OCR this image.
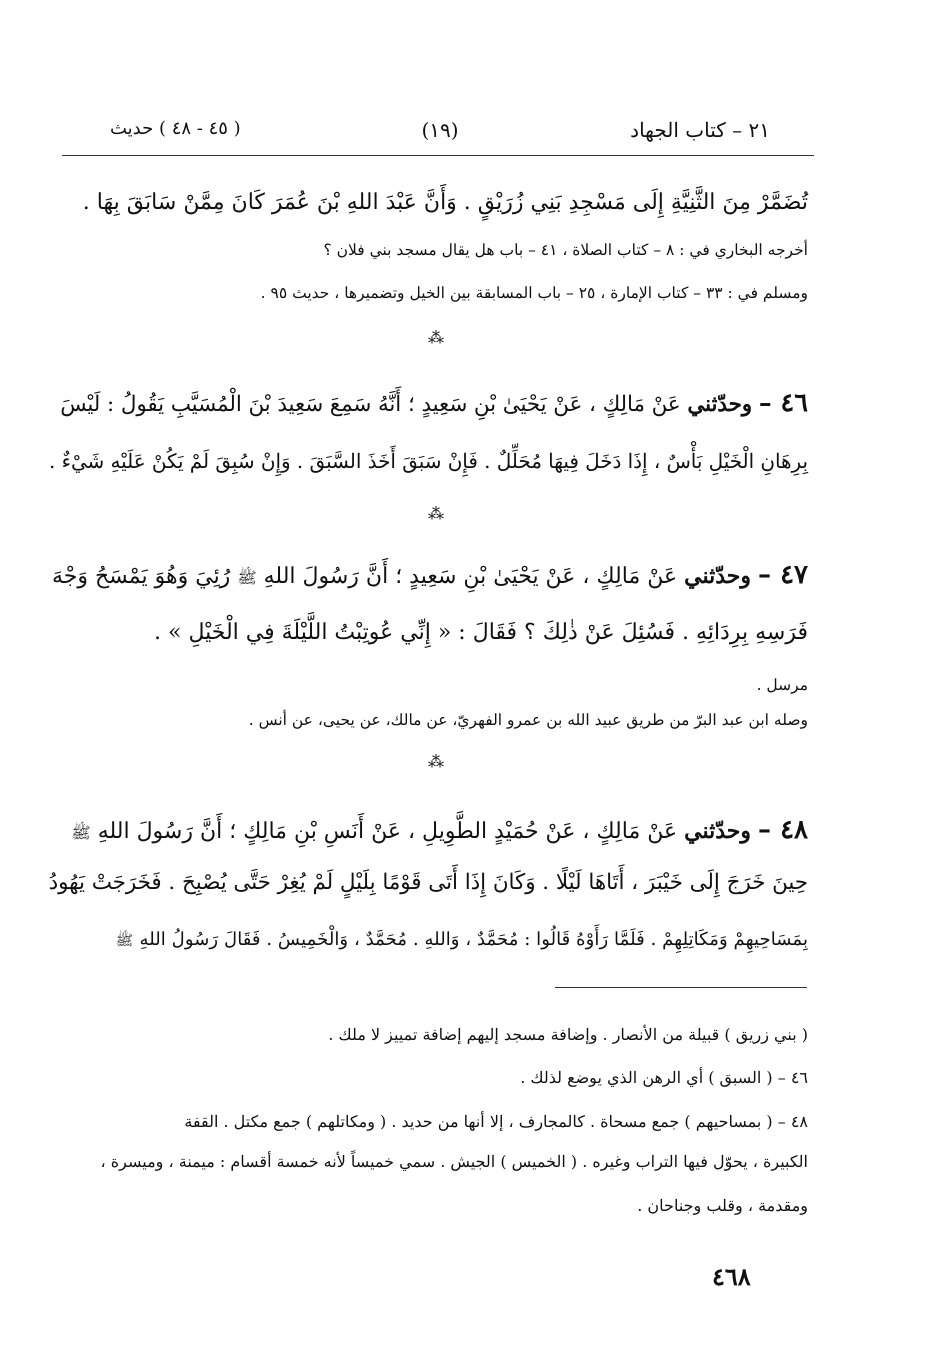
٢١ – كتاب الجهاد
(١٩)
( ٤٥ - ٤٨ ) حديث
تُضَمَّرْ مِنَ الثَّنِيَّةِ إِلَى مَسْجِدِ بَنِي زُرَيْقٍ . وَأَنَّ عَبْدَ اللهِ بْنَ عُمَرَ كَانَ مِمَّنْ سَابَقَ بِهَا .
أخرجه البخاري في : ٨ – كتاب الصلاة ، ٤١ – باب هل يقال مسجد بني فلان ؟
ومسلم في : ٣٣ – كتاب الإمارة ، ٢٥ – باب المسابقة بين الخيل وتضميرها ، حديث ٩٥ .
⁂
٤٦ – وحدّثني عَنْ مَالِكٍ ، عَنْ يَحْيَىٰ بْنِ سَعِيدٍ ؛ أَنَّهُ سَمِعَ سَعِيدَ بْنَ الْمُسَيَّبِ يَقُولُ : لَيْسَ
بِرِهَانِ الْخَيْلِ بَأْسٌ ، إِذَا دَخَلَ فِيهَا مُحَلِّلٌ . فَإِنْ سَبَقَ أَخَذَ السَّبَقَ . وَإِنْ سُبِقَ لَمْ يَكُنْ عَلَيْهِ شَيْءٌ .
⁂
٤٧ – وحدّثني عَنْ مَالِكٍ ، عَنْ يَحْيَىٰ بْنِ سَعِيدٍ ؛ أَنَّ رَسُولَ اللهِ ﷺ رُئِيَ وَهُوَ يَمْسَحُ وَجْهَ
فَرَسِهِ بِرِدَائِهِ . فَسُئِلَ عَنْ ذٰلِكَ ؟ فَقَالَ : « إِنِّي عُوتِبْتُ اللَّيْلَةَ فِي الْخَيْلِ » .
مرسل .
وصله ابن عبد البرّ من طريق عبيد الله بن عمرو الفهريّ، عن مالك، عن يحيى، عن أنس .
⁂
٤٨ – وحدّثني عَنْ مَالِكٍ ، عَنْ حُمَيْدٍ الطَّوِيلِ ، عَنْ أَنَسِ بْنِ مَالِكٍ ؛ أَنَّ رَسُولَ اللهِ ﷺ
حِينَ خَرَجَ إِلَى خَيْبَرَ ، أَتَاهَا لَيْلًا . وَكَانَ إِذَا أَتَى قَوْمًا بِلَيْلٍ لَمْ يُغِرْ حَتَّى يُصْبِحَ . فَخَرَجَتْ يَهُودُ
بِمَسَاحِيهِمْ وَمَكَاتِلِهِمْ . فَلَمَّا رَأَوْهُ قَالُوا : مُحَمَّدٌ ، وَاللهِ . مُحَمَّدٌ ، وَالْخَمِيسُ . فَقَالَ رَسُولُ اللهِ ﷺ
( بني زريق ) قبيلة من الأنصار . وإضافة مسجد إليهم إضافة تمييز لا ملك .
٤٦ – ( السبق ) أي الرهن الذي يوضع لذلك .
٤٨ – ( بمساحيهم ) جمع مسحاة . كالمجارف ، إلا أنها من حديد . ( ومكاتلهم ) جمع مكتل . القفة
الكبيرة ، يحوّل فيها التراب وغيره . ( الخميس ) الجيش . سمي خميساً لأنه خمسة أقسام : ميمنة ، وميسرة ،
ومقدمة ، وقلب وجناحان .
٤٦٨
